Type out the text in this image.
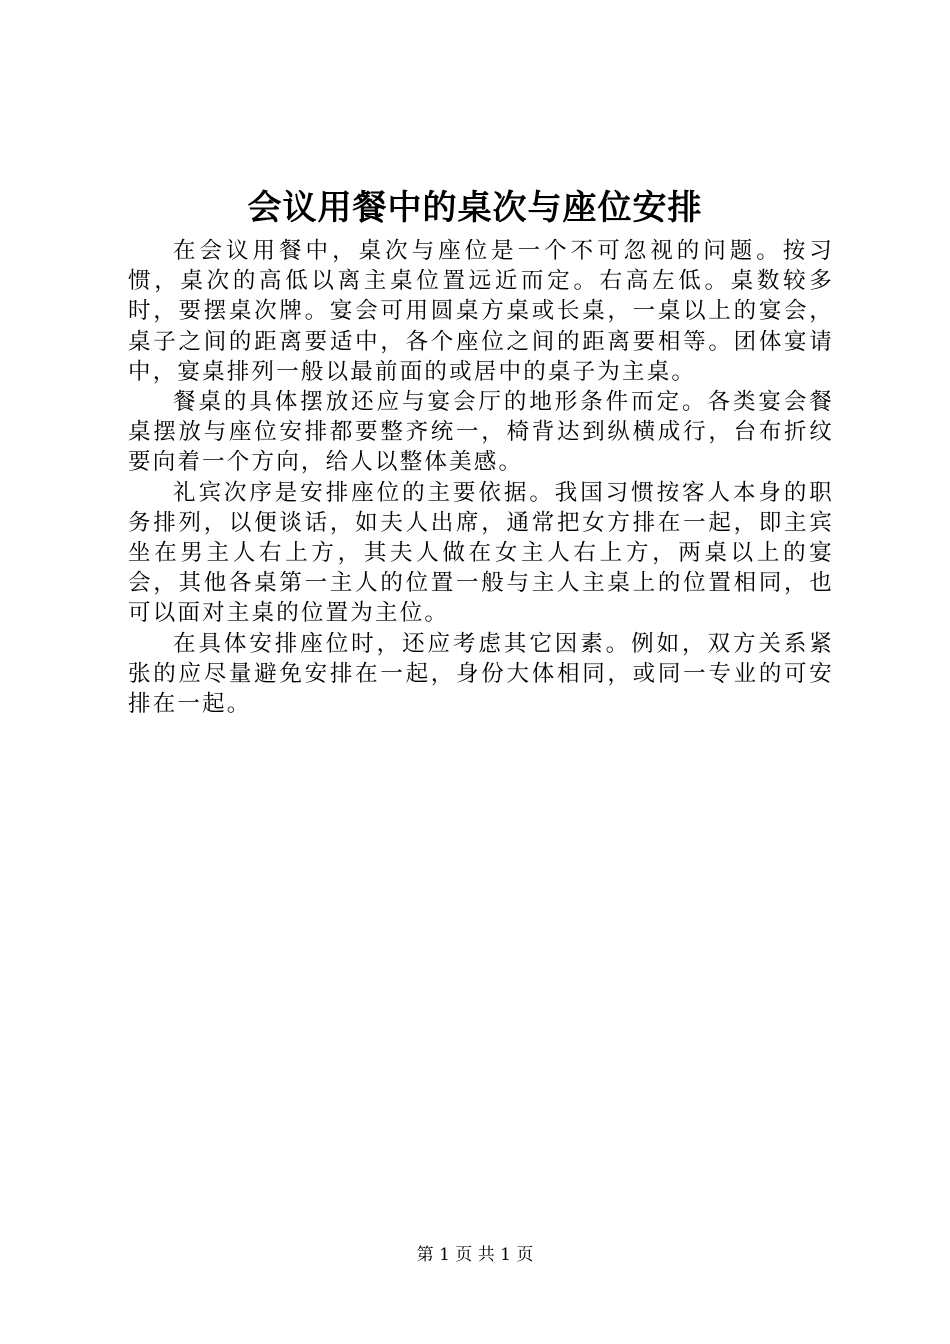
会议用餐中的桌次与座位安排

在会议用餐中，桌次与座位是一个不可忽视的问题。按习惯，桌次的高低以离主桌位置远近而定。右高左低。桌数较多时，要摆桌次牌。宴会可用圆桌方桌或长桌，一桌以上的宴会，桌子之间的距离要适中，各个座位之间的距离要相等。团体宴请中，宴桌排列一般以最前面的或居中的桌子为主桌。

餐桌的具体摆放还应与宴会厅的地形条件而定。各类宴会餐桌摆放与座位安排都要整齐统一，椅背达到纵横成行，台布折纹要向着一个方向，给人以整体美感。

礼宾次序是安排座位的主要依据。我国习惯按客人本身的职务排列，以便谈话，如夫人出席，通常把女方排在一起，即主宾坐在男主人右上方，其夫人做在女主人右上方，两桌以上的宴会，其他各桌第一主人的位置一般与主人主桌上的位置相同，也可以面对主桌的位置为主位。

在具体安排座位时，还应考虑其它因素。例如，双方关系紧张的应尽量避免安排在一起，身份大体相同，或同一专业的可安排在一起。

第 1 页 共 1 页
